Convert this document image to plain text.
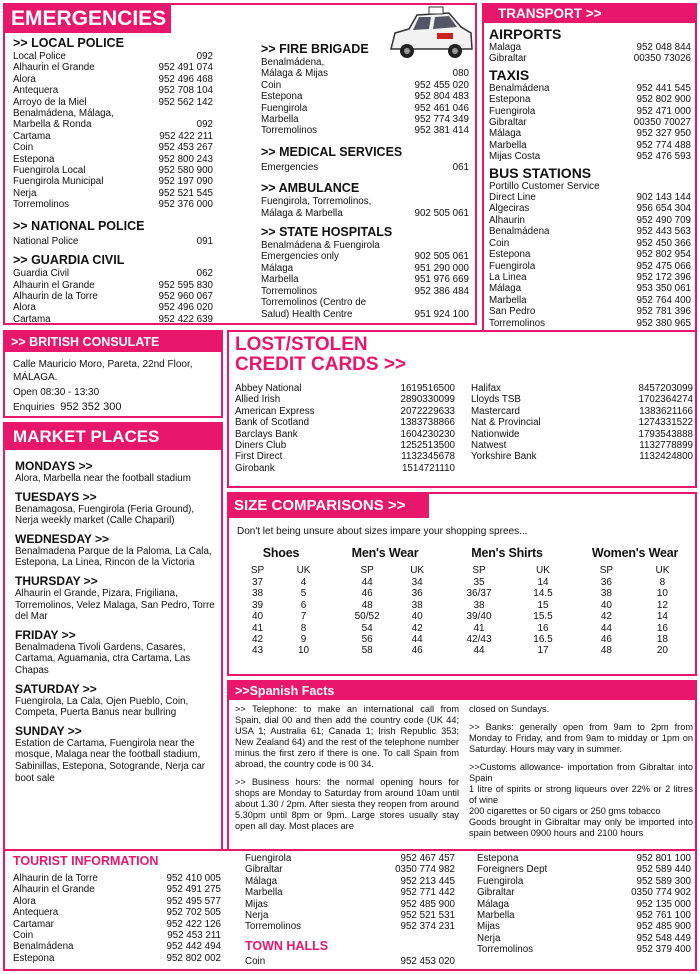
EMERGENCIES
>> LOCAL POLICE
Local Police	092
Alhaurin el Grande	952 491 074
Alora	952 496 468
Antequera	952 708 104
Arroyo de la Miel	952 562 142
Benalmádena, Málaga,
Marbella & Ronda	092
Cartama	952 422 211
Coin	952 453 267
Estepona	952 800 243
Fuengirola Local	952 580 900
Fuengirola Municipal	952 197 090
Nerja	952 521 545
Torremolinos	952 376 000
>> NATIONAL POLICE
National Police	091
>> GUARDIA CIVIL
Guardia Civil	062
Alhaurin el Grande	952 595 830
Alhaurin de la Torre	952 960 067
Alora	952 496 020
Cartama	952 422 639
>> FIRE BRIGADE
Benalmádena,
Málaga & Mijas	080
Coin	952 455 020
Estepona	952 804 483
Fuengirola	952 461 046
Marbella	952 774 349
Torremolinos	952 381 414
>> MEDICAL SERVICES
Emergencies	061
>> AMBULANCE
Fuengirola, Torremolinos,
Málaga & Marbella	902 505 061
>> STATE HOSPITALS
Benalmádena & Fuengirola
Emergencies only	902 505 061
Málaga	951 290 000
Marbella	951 976 669
Torremolinos	952 386 484
Torremolinos (Centro de
Salud) Health Centre	951 924 100
TRANSPORT >>
AIRPORTS
Malaga	952 048 844
Gibraltar	00350 73026
TAXIS
Benalmádena	952 441 545
Estepona	952 802 900
Fuengirola	952 471 000
Gibraltar	00350 70027
Málaga	952 327 950
Marbella	952 774 488
Mijas Costa	952 476 593
BUS STATIONS
Portillo Customer Service
Direct Line	902 143 144
Algeciras	956 654 304
Alhaurin	952 490 709
Benalmádena	952 443 563
Coin	952 450 366
Estepona	952 802 954
Fuengirola	952 475 066
La Linea	952 172 396
Málaga	953 350 061
Marbella	952 764 400
San Pedro	952 781 396
Torremolinos	952 380 965
>> BRITISH CONSULATE
Calle Mauricio Moro, Pareta, 22nd Floor,
MÁLAGA.
Open 08:30 - 13:30
Enquiries 952 352 300
MARKET PLACES
MONDAYS >>
Alora, Marbella near the football stadium
TUESDAYS >>
Benamagosa, Fuengirola (Feria Ground), Nerja weekly market (Calle Chaparil)
WEDNESDAY >>
Benalmadena Parque de la Paloma, La Cala, Estepona, La Linea, Rincon de la Victoria
THURSDAY >>
Alhaurin el Grande, Pizara, Frigiliana, Torremolinos, Velez Malaga, San Pedro, Torre del Mar
FRIDAY >>
Benalmadena Tivoli Gardens, Casares, Cartama, Aguamania, ctra Cartama, Las Chapas
SATURDAY >>
Fuengirola, La Cala, Ojen Pueblo, Coin, Competa, Puerta Banus near bullring
SUNDAY >>
Estation de Cartama, Fuengirola near the mosque, Malaga near the football stadium, Sabinillas, Estepona, Sotogrande, Nerja car boot sale
LOST/STOLEN
CREDIT CARDS >>
Abbey National	1619516500
Allied Irish	2890330099
American Express	2072229633
Bank of Scotland	1383738866
Barclays Bank	1604230230
Diners Club	1252513500
First Direct	1132345678
Girobank	1514721110
Halifax	8457203099
Lloyds TSB	1702364274
Mastercard	1383621166
Nat & Provincial	1274331522
Nationwide	1793543888
Natwest	1132778899
Yorkshire Bank	1132424800
SIZE COMPARISONS >>
Don't let being unsure about sizes impare your shopping sprees...
Shoes
SP	UK
37	4
38	5
39	6
40	7
41	8
42	9
43	10
Men's Wear
SP	UK
44	34
46	36
48	38
50/52	40
54	42
56	44
58	46
Men's Shirts
SP	UK
35	14
36/37	14.5
38	15
39/40	15.5
41	16
42/43	16.5
44	17
Women's Wear
SP	UK
36	8
38	10
40	12
42	14
44	16
46	18
48	20
>>Spanish Facts

>> Telephone: to make an international call from Spain, dial 00 and then add the country code (UK 44; USA 1; Australia 61; Canada 1; Irish Republic 353; New Zealand 64) and the rest of the telephone number minus the first zero if there is one. To call Spain from abroad, the country code is 00 34.

>> Business hours: the normal opening hours for shops are Monday to Saturday from around 10am until about 1.30 / 2pm. After siesta they reopen from around 5.30pm until 8pm or 9pm. Large stores usually stay open all day. Most places are

closed on Sundays.

>> Banks: generally open from 9am to 2pm from Monday to Friday, and from 9am to midday or 1pm on Saturday. Hours may vary in summer.

>>Customs allowance- importation from Gibraltar into Spain

1 litre of spirits or strong liqueurs over 22% or 2 litres of wine

200 cigarettes or 50 cigars or 250 gms tobacco

Goods brought in Gibraltar may only be imported into spain between 0900 hours and 2100 hours

TOURIST INFORMATION
Alhaurin de la Torre	952 410 005
Alhaurin el Grande	952 491 275
Alora	952 495 577
Antequera	952 702 505
Cartamar	952 422 126
Coin	952 453 211
Benalmádena	952 442 494
Estepona	952 802 002
Fuengirola	952 467 457
Gibraltar	0350 774 982
Málaga	952 213 445
Marbella	952 771 442
Mijas	952 485 900
Nerja	952 521 531
Torremolinos	952 374 231
TOWN HALLS
Coin	952 453 020
Estepona	952 801 100
Foreigners Dept	952 589 440
Fuengirola	952 589 300
Gibraltar	0350 774 902
Málaga	952 135 000
Marbella	952 761 100
Mijas	952 485 900
Nerja	952 548 449
Torremolinos	952 379 400
